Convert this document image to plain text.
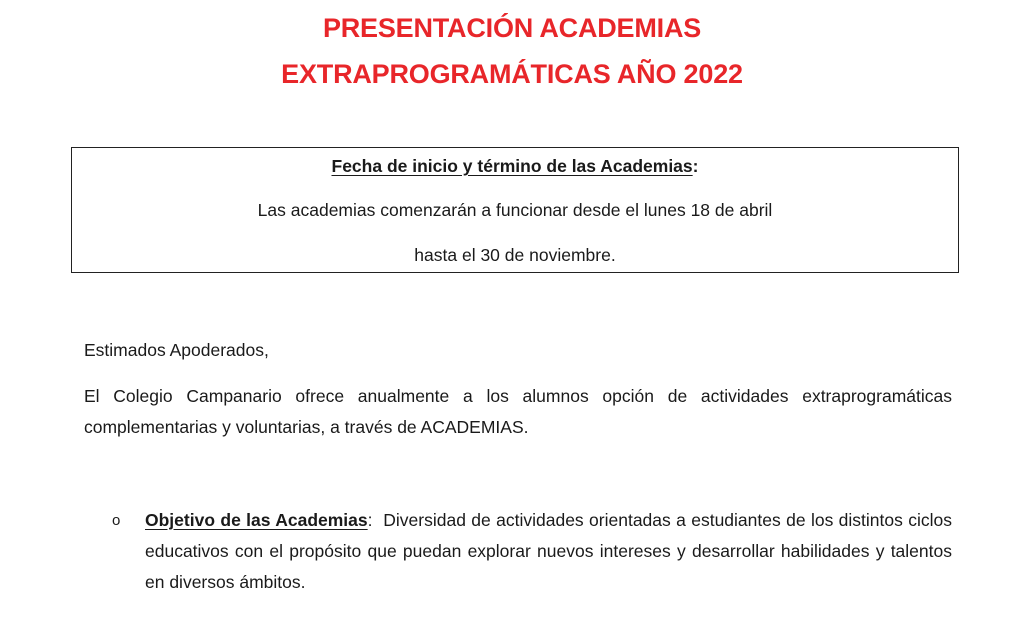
PRESENTACIÓN ACADEMIAS
EXTRAPROGRAMÁTICAS AÑO 2022
Fecha de inicio y término de las Academias:
Las academias comenzarán a funcionar desde el lunes 18 de abril
hasta el 30 de noviembre.
Estimados Apoderados,
El Colegio Campanario ofrece anualmente a los alumnos opción de actividades extraprogramáticas complementarias y voluntarias, a través de ACADEMIAS.
o Objetivo de las Academias:  Diversidad de actividades orientadas a estudiantes de los distintos ciclos educativos con el propósito que puedan explorar nuevos intereses y desarrollar habilidades y talentos en diversos ámbitos.
